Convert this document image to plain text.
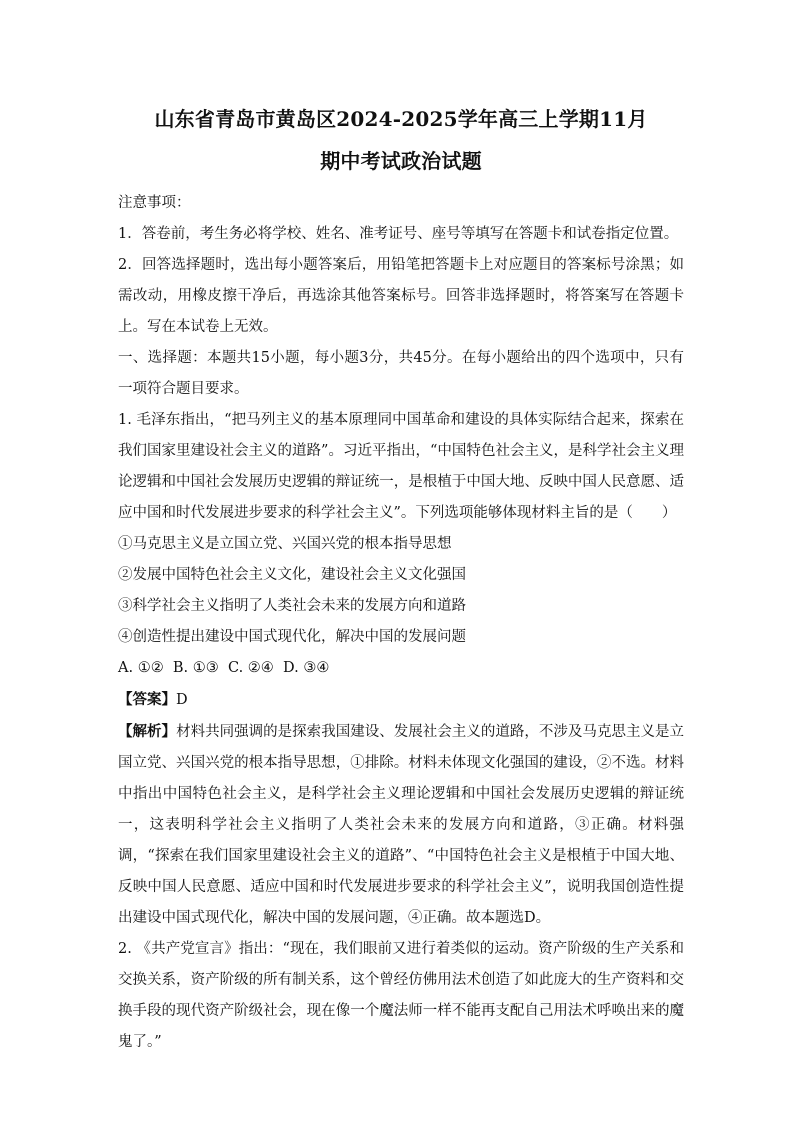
山东省青岛市黄岛区2024-2025学年高三上学期11月
期中考试政治试题

注意事项：

1．答卷前，考生务必将学校、姓名、准考证号、座号等填写在答题卡和试卷指定位置。

2．回答选择题时，选出每小题答案后，用铅笔把答题卡上对应题目的答案标号涂黑；如需改动，用橡皮擦干净后，再选涂其他答案标号。回答非选择题时，将答案写在答题卡上。写在本试卷上无效。

一、选择题：本题共15小题，每小题3分，共45分。在每小题给出的四个选项中，只有一项符合题目要求。

1. 毛泽东指出，“把马列主义的基本原理同中国革命和建设的具体实际结合起来，探索在我们国家里建设社会主义的道路”。习近平指出，“中国特色社会主义，是科学社会主义理论逻辑和中国社会发展历史逻辑的辩证统一，是根植于中国大地、反映中国人民意愿、适应中国和时代发展进步要求的科学社会主义”。下列选项能够体现材料主旨的是（　　）

①马克思主义是立国立党、兴国兴党的根本指导思想

②发展中国特色社会主义文化，建设社会主义文化强国

③科学社会主义指明了人类社会未来的发展方向和道路

④创造性提出建设中国式现代化，解决中国的发展问题

A. ①②  B. ①③  C. ②④  D. ③④

【答案】D

【解析】材料共同强调的是探索我国建设、发展社会主义的道路，不涉及马克思主义是立国立党、兴国兴党的根本指导思想，①排除。材料未体现文化强国的建设，②不选。材料中指出中国特色社会主义，是科学社会主义理论逻辑和中国社会发展历史逻辑的辩证统一，这表明科学社会主义指明了人类社会未来的发展方向和道路，③正确。材料强调，“探索在我们国家里建设社会主义的道路”、“中国特色社会主义是根植于中国大地、反映中国人民意愿、适应中国和时代发展进步要求的科学社会主义”，说明我国创造性提出建设中国式现代化，解决中国的发展问题，④正确。故本题选D。

2. 《共产党宣言》指出：“现在，我们眼前又进行着类似的运动。资产阶级的生产关系和交换关系，资产阶级的所有制关系，这个曾经仿佛用法术创造了如此庞大的生产资料和交换手段的现代资产阶级社会，现在像一个魔法师一样不能再支配自己用法术呼唤出来的魔鬼了。”
